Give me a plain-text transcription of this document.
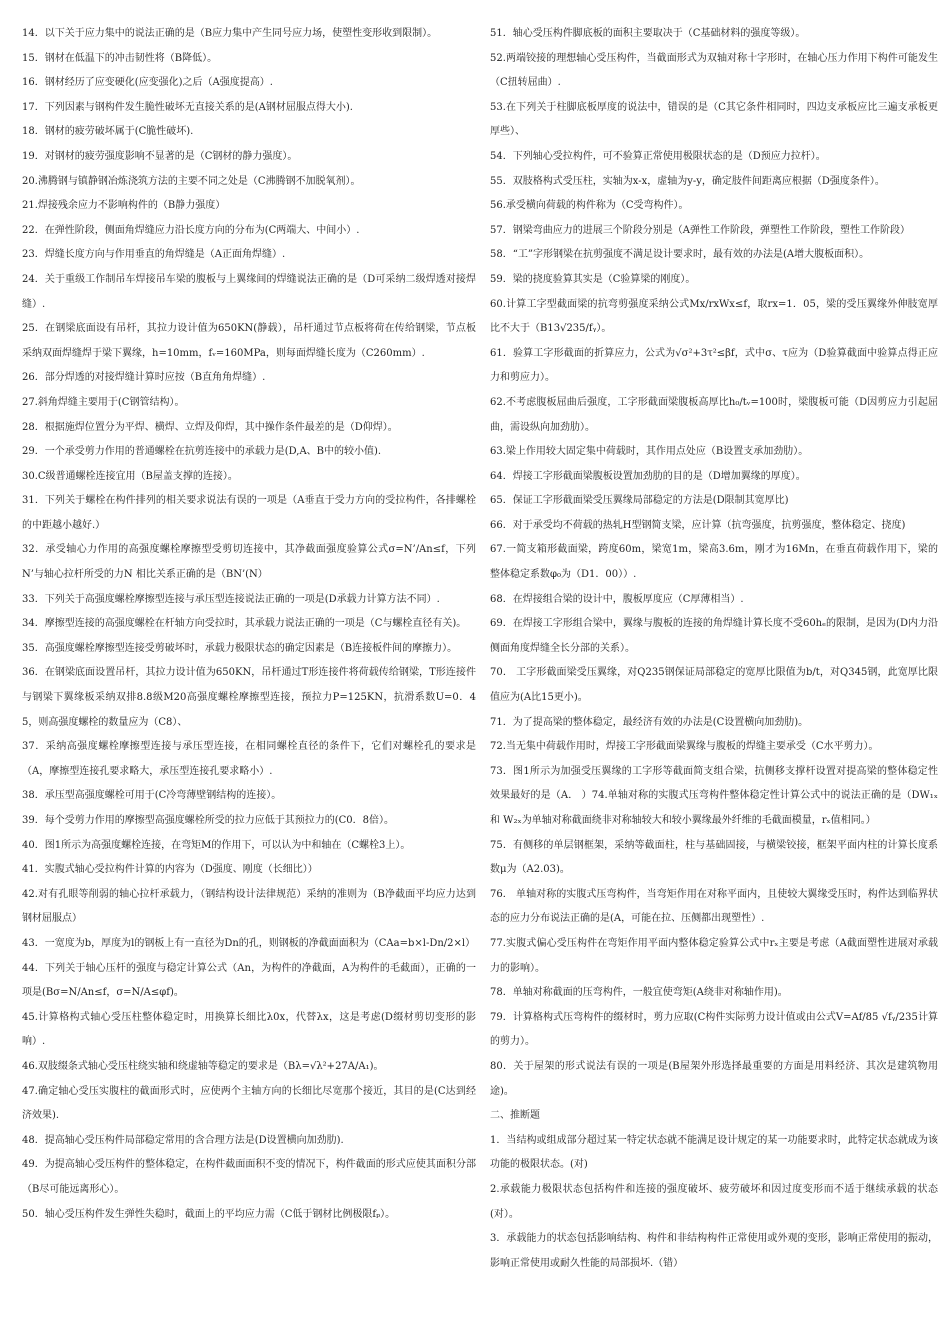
14．以下关于应力集中的说法正确的是（B应力集中产生同号应力场，使塑性变形收到限制）。

15．钢材在低温下的冲击韧性将（B降低）。

16．钢材经历了应变硬化(应变强化)之后（A强度提高）.

17．下列因素与钢构件发生脆性破坏无直接关系的是(A钢材屈服点得大小).

18．钢材的疲劳破坏属于(C脆性破坏).

19．对钢材的疲劳强度影响不显著的是（C钢材的静力强度）。

20.沸腾钢与镇静钢冶炼浇筑方法的主要不同之处是（C沸腾钢不加脱氧剂）。

21.焊接残余应力不影响构件的（B静力强度）

22．在弹性阶段，侧面角焊缝应力沿长度方向的分布为(C两端大、中间小）.

23．焊缝长度方向与作用垂直的角焊缝是（A正面角焊缝）.

24．关于重级工作制吊车焊接吊车梁的腹板与上翼缘间的焊缝说法正确的是（D可采纳二级焊透对接焊缝）.

25．在钢梁底面设有吊杆，其拉力设计值为650KN(静载），吊杆通过节点板将荷在传给钢梁，节点板采纳双面焊缝焊于梁下翼缘，h=10mm，fᵥ=160MPa，则每面焊缝长度为（C260mm）.

26．部分焊透的对接焊缝计算时应按（B直角角焊缝）.

27.斜角焊缝主要用于(C钢管结构）。

28．根据施焊位置分为平焊、横焊、立焊及仰焊，其中操作条件最差的是（D仰焊）。

29．一个承受剪力作用的普通螺栓在抗剪连接中的承载力是(D,A、B中的较小值).

30.C级普通螺栓连接宜用（B屋盖支撑的连接）。

31．下列关于螺栓在构件排列的相关要求说法有误的一项是（A垂直于受力方向的受拉构件，各排螺栓的中距越小越好.）

32．承受轴心力作用的高强度螺栓摩擦型受剪切连接中，其净截面强度验算公式σ=N’/An≤f，下列N’与轴心拉杆所受的力N 相比关系正确的是（BN’(N）

33．下列关于高强度螺栓摩擦型连接与承压型连接说法正确的一项是(D承载力计算方法不同）.

34．摩擦型连接的高强度螺栓在杆轴方向受拉时，其承载力说法正确的一项是（C与螺栓直径有关)。

35．高强度螺栓摩擦型连接受剪破坏时，承载力极限状态的确定因素是（B连接板件间的摩擦力）。

36．在钢梁底面设置吊杆，其拉力设计值为650KN，吊杆通过T形连接件将荷载传给钢梁，T形连接件与钢梁下翼缘板采纳双排8.8级M20高强度螺栓摩擦型连接，预拉力P=125KN，抗滑系数U=0．45，则高强度螺栓的数量应为（C8）、

37．采纳高强度螺栓摩擦型连接与承压型连接，在相同螺栓直径的条件下，它们对螺栓孔的要求是（A，摩擦型连接孔要求略大，承压型连接孔要求略小）.

38．承压型高强度螺栓可用于(C冷弯薄壁钢结构的连接）。

39．每个受剪力作用的摩擦型高强度螺栓所受的拉力应低于其预拉力的(C0．8倍）。

40．图1所示为高强度螺栓连接，在弯矩M的作用下，可以认为中和轴在（C螺栓3上）。

41．实腹式轴心受拉构件计算的内容为（D强度、刚度（长细比））

42.对有孔眼等削弱的轴心拉杆承载力，（钢结构设计法律规范）采纳的准则为（B净截面平均应力达到钢材屈服点）

43．一宽度为b，厚度为l的钢板上有一直径为Dn的孔，则钢板的净截面面积为（CAa=b×l-Dn/2×l）

44．下列关于轴心压杆的强度与稳定计算公式（An，为构件的净截面，A为构件的毛截面），正确的一项是(Bσ=N/An≤f，σ=N/A≤φf)。

45.计算格构式轴心受压柱整体稳定时，用换算长细比λ0x，代替λx，这是考虑(D缀材剪切变形的影响）.

46.双肢缀条式轴心受压柱绕实轴和绕虚轴等稳定的要求是（Bλ=√λ²+27A/A₁)。

47.确定轴心受压实腹柱的截面形式时，应使两个主轴方向的长细比尽宽那个接近，其目的是(C达到经济效果).

48．提高轴心受压构件局部稳定常用的含合理方法是(D设置横向加劲肋).

49．为提高轴心受压构件的整体稳定，在构件截面面积不变的情况下，构件截面的形式应使其面积分部（B尽可能远离形心）。

50．轴心受压构件发生弹性失稳时，截面上的平均应力需（C低于钢材比例极限fₚ）。

51．轴心受压构件脚底板的面积主要取决于（C基础材料的强度等级）。

52.两端铰接的理想轴心受压构件，当截面形式为双轴对称十字形时，在轴心压力作用下构件可能发生（C扭转屈曲）.

53.在下列关于柱脚底板厚度的说法中，错误的是（C其它条件相同时，四边支承板应比三遍支承板更厚些）、

54．下列轴心受拉构件，可不验算正常使用极限状态的是（D预应力拉杆）。

55．双肢格构式受压柱，实轴为x-x，虚轴为y-y，确定肢件间距离应根据（D强度条件）。

56.承受横向荷载的构件称为（C受弯构件）。

57．钢梁弯曲应力的进展三个阶段分别是（A弹性工作阶段，弹塑性工作阶段，塑性工作阶段）

58．“工”字形钢梁在抗剪强度不满足设计要求时，最有效的办法是(A增大腹板面积）。

59．梁的挠度验算其实是（C验算梁的刚度）。

60.计算工字型截面梁的抗弯剪强度采纳公式Mx/rxWx≤f，取rx=1．05，梁的受压翼缘外伸肢宽厚比不大于（B13√235/fᵧ）。

61．验算工字形截面的折算应力，公式为√σ²+3τ²≤βf，式中σ、τ应为（D验算截面中验算点得正应力和剪应力）。

62.不考虑腹板屈曲后强度，工字形截面梁腹板高厚比h₀/tᵥ=100时，梁腹板可能（D因剪应力引起屈曲，需设纵向加劲肋）。

63.梁上作用较大固定集中荷载时，其作用点处应（B设置支承加劲肋）。

64．焊接工字形截面梁腹板设置加劲肋的目的是（D增加翼缘的厚度）。

65．保证工字形截面梁受压翼缘局部稳定的方法是(D限制其宽厚比)

66．对于承受均不荷载的热轧H型钢简支梁，应计算（抗弯强度，抗剪强度，整体稳定、挠度)

67.一简支箱形截面梁，跨度60m，梁宽1m，梁高3.6m，刚才为16Mn，在垂直荷载作用下，梁的整体稳定系数φ₀为（D1．00））.

68．在焊接组合梁的设计中，腹板厚度应（C厚薄相当）.

69．在焊接工字形组合梁中，翼缘与腹板的连接的角焊缝计算长度不受60hₑ的限制，是因为(D内力沿侧面角度焊缝全长分部的关系）。

70． 工字形截面梁受压翼缘，对Q235钢保证局部稳定的宽厚比限值为b/t，对Q345钢，此宽厚比限值应为(A比15更小)。

71．为了提高梁的整体稳定，最经济有效的办法是(C设置横向加劲肋)。

72.当无集中荷载作用时，焊接工字形截面梁翼缘与腹板的焊缝主要承受（C水平剪力）。

73．图1所示为加强受压翼缘的工字形等截面简支组合梁，抗侧移支撑杆设置对提高梁的整体稳定性效果最好的是（A． ）74.单轴对称的实腹式压弯构件整体稳定性计算公式中的说法正确的是（DW₁ₓ和 W₂ₓ为单轴对称截面绕非对称轴较大和较小翼缘最外纤维的毛截面模量，rₓ值相同。）

75．有侧移的单层钢框架，采纳等截面柱，柱与基础固接，与横梁铰接，框架平面内柱的计算长度系数μ为（A2.03)。

76． 单轴对称的实腹式压弯构件，当弯矩作用在对称平面内，且使较大翼缘受压时，构件达到临界状态的应力分布说法正确的是(A，可能在拉、压侧都出现塑性）.

77.实腹式偏心受压构件在弯矩作用平面内整体稳定验算公式中rₓ主要是考虑（A截面塑性进展对承载力的影响）。

78．单轴对称截面的压弯构件，一般宜使弯矩(A绕非对称轴作用)。

79．计算格构式压弯构件的缀材时，剪力应取(C构件实际剪力设计值或由公式V=Af/85 √fᵧ/235计算的剪力）。

80．关于屋架的形式说法有误的一项是(B屋架外形选择最重要的方面是用料经济、其次是建筑物用途)。

二、推断题

1．当结构或组成部分超过某一特定状态就不能满足设计规定的某一功能要求时，此特定状态就成为该功能的极限状态。(对)

2.承载能力极限状态包括构件和连接的强度破坏、疲劳破坏和因过度变形而不适于继续承载的状态(对）。

3．承载能力的状态包括影响结构、构件和非结构构件正常使用或外观的变形，影响正常使用的振动，影响正常使用或耐久性能的局部损坏.（错）
